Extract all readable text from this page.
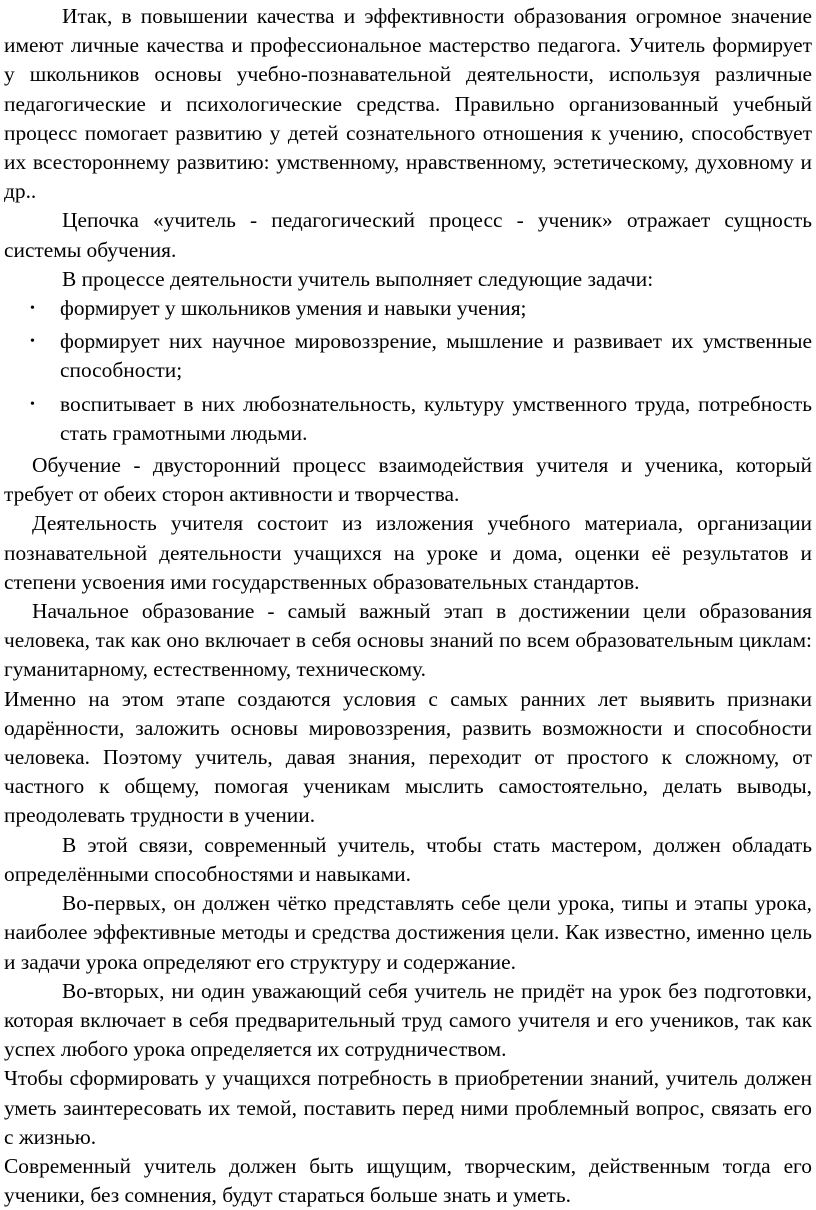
Итак, в повышении качества и эффективности образования огромное значение имеют личные качества и профессиональное мастерство педагога. Учитель формирует у школьников основы учебно-познавательной деятельности, используя различные педагогические и психологические средства. Правильно организованный учебный процесс помогает развитию у детей сознательного отношения к учению, способствует их всестороннему развитию: умственному, нравственному, эстетическому, духовному и др..

Цепочка «учитель - педагогический процесс - ученик» отражает сущность системы обучения.

В процессе деятельности учитель выполняет следующие задачи:

• формирует у школьников умения и навыки учения;
• формирует них научное мировоззрение, мышление и развивает их умственные способности;
• воспитывает в них любознательность, культуру умственного труда, потребность стать грамотными людьми.

Обучение - двусторонний процесс взаимодействия учителя и ученика, который требует от обеих сторон активности и творчества.

Деятельность учителя состоит из изложения учебного материала, организации познавательной деятельности учащихся на уроке и дома, оценки её результатов и степени усвоения ими государственных образовательных стандартов.

Начальное образование - самый важный этап в достижении цели образования человека, так как оно включает в себя основы знаний по всем образовательным циклам: гуманитарному, естественному, техническому.

Именно на этом этапе создаются условия с самых ранних лет выявить признаки одарённости, заложить основы мировоззрения, развить возможности и способности человека. Поэтому учитель, давая знания, переходит от простого к сложному, от частного к общему, помогая ученикам мыслить самостоятельно, делать выводы, преодолевать трудности в учении.

В этой связи, современный учитель, чтобы стать мастером, должен обладать определёнными способностями и навыками.

Во-первых, он должен чётко представлять себе цели урока, типы и этапы урока, наиболее эффективные методы и средства достижения цели. Как известно, именно цель и задачи урока определяют его структуру и содержание.

Во-вторых, ни один уважающий себя учитель не придёт на урок без подготовки, которая включает в себя предварительный труд самого учителя и его учеников, так как успех любого урока определяется их сотрудничеством.

Чтобы сформировать у учащихся потребность в приобретении знаний, учитель должен уметь заинтересовать их темой, поставить перед ними проблемный вопрос, связать его с жизнью.

Современный учитель должен быть ищущим, творческим, действенным тогда его ученики, без сомнения, будут стараться больше знать и уметь.
